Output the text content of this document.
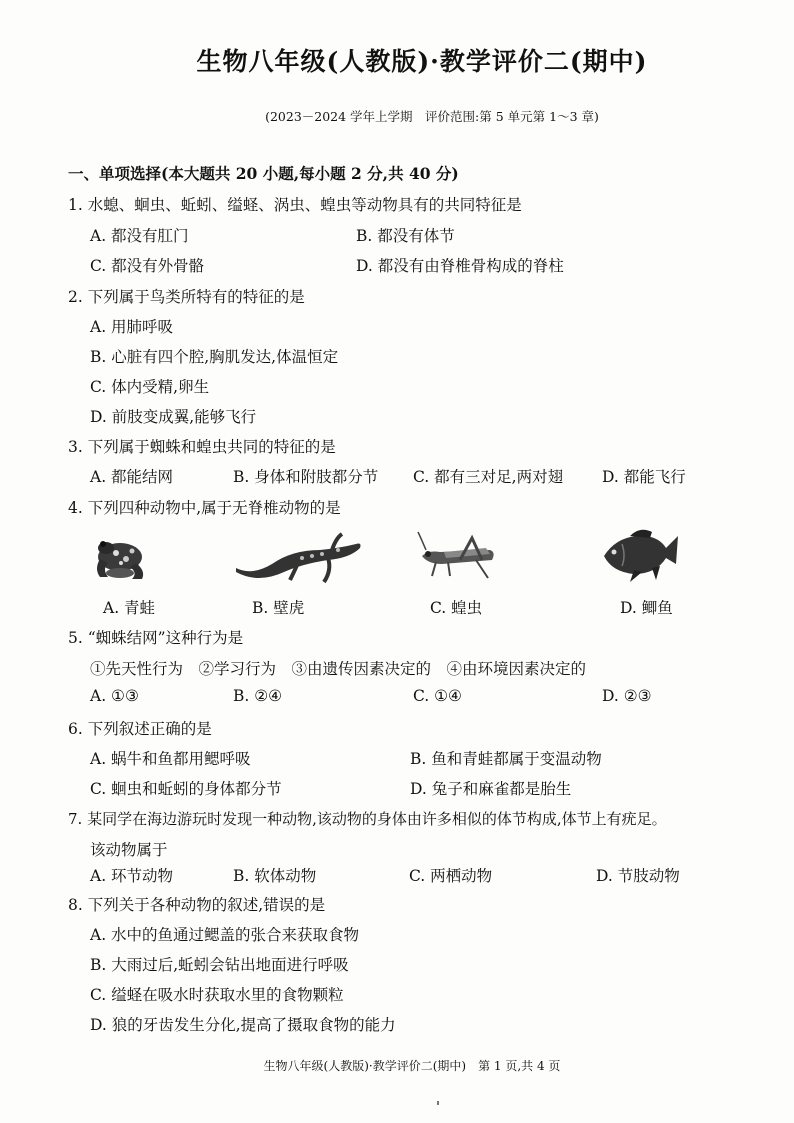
生物八年级(人教版)·教学评价二(期中)
(2023－2024 学年上学期　评价范围:第 5 单元第 1～3 章)
一、单项选择(本大题共 20 小题,每小题 2 分,共 40 分)
1. 水螅、蛔虫、蚯蚓、缢蛏、涡虫、蝗虫等动物具有的共同特征是
A. 都没有肛门	B. 都没有体节
C. 都没有外骨骼	D. 都没有由脊椎骨构成的脊柱
2. 下列属于鸟类所特有的特征的是
A. 用肺呼吸
B. 心脏有四个腔,胸肌发达,体温恒定
C. 体内受精,卵生
D. 前肢变成翼,能够飞行
3. 下列属于蜘蛛和蝗虫共同的特征的是
A. 都能结网	B. 身体和附肢都分节 C. 都有三对足,两对翅	D. 都能飞行
4. 下列四种动物中,属于无脊椎动物的是
A. 青蛙	B. 壁虎	C. 蝗虫	D. 鲫鱼
5. “蜘蛛结网”这种行为是
①先天性行为　②学习行为　③由遗传因素决定的　④由环境因素决定的
A. ①③	B. ②④	C. ①④	D. ②③
6. 下列叙述正确的是
A. 蜗牛和鱼都用鳃呼吸	B. 鱼和青蛙都属于变温动物
C. 蛔虫和蚯蚓的身体都分节	D. 兔子和麻雀都是胎生
7. 某同学在海边游玩时发现一种动物,该动物的身体由许多相似的体节构成,体节上有疣足。
该动物属于
A. 环节动物	B. 软体动物	C. 两栖动物	D. 节肢动物
8. 下列关于各种动物的叙述,错误的是
A. 水中的鱼通过鳃盖的张合来获取食物
B. 大雨过后,蚯蚓会钻出地面进行呼吸
C. 缢蛏在吸水时获取水里的食物颗粒
D. 狼的牙齿发生分化,提高了摄取食物的能力
生物八年级(人教版)·教学评价二(期中)　第 1 页,共 4 页
